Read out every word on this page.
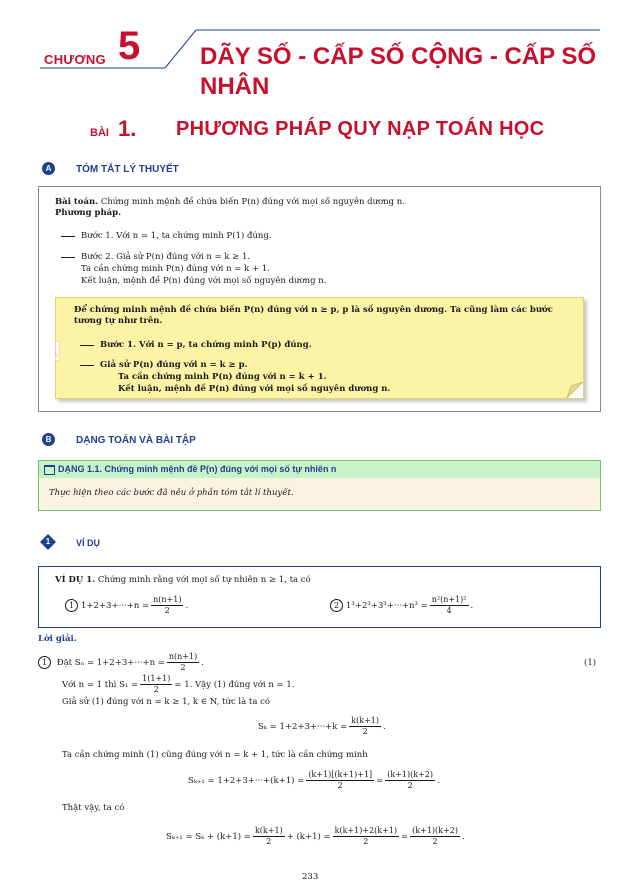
CHƯƠNG 5 DÃY SỐ - CẤP SỐ CỘNG - CẤP SỐ NHÂN
BÀI 1. PHƯƠNG PHÁP QUY NẠP TOÁN HỌC
A	TÓM TẮT LÝ THUYẾT
Bài toán. Chứng minh mệnh đề chứa biến P(n) đúng với mọi số nguyên dương n.
Phương pháp.
Bước 1. Với n = 1, ta chứng minh P(1) đúng.
Bước 2. Giả sử P(n) đúng với n = k ≥ 1.
Ta cần chứng minh P(n) đúng với n = k + 1.
Kết luận, mệnh đề P(n) đúng với mọi số nguyên dương n.
!
Để chứng minh mệnh đề chứa biến P(n) đúng với n ≥ p, p là số nguyên dương. Ta cũng làm các bước tương tự như trên.
Bước 1. Với n = p, ta chứng minh P(p) đúng.
Giả sử P(n) đúng với n = k ≥ p.
Ta cần chứng minh P(n) đúng với n = k + 1.
Kết luận, mệnh đề P(n) đúng với mọi số nguyên dương n.
B	DẠNG TOÁN VÀ BÀI TẬP
DẠNG 1.1. Chứng minh mệnh đề P(n) đúng với mọi số tự nhiên n
Thực hiện theo các bước đã nêu ở phần tóm tắt lí thuyết.
1	VÍ DỤ
VÍ DỤ 1. Chứng minh rằng với mọi số tự nhiên n ≥ 1, ta có
1 $1+2+3+\cdot\cdot\cdot+n = \frac{n(n+1)}{2}$ .	2 $1^3+2^3+3^3+\cdot\cdot\cdot+n^3 = \frac{\text{n²(n+1)²}}{4}$ .
Lời giải.
1 Đặt $S_n = 1+2+3+\cdot\cdot\cdot+n = \frac{n(n+1)}{2}$ .	(1)
Với n = 1 thì $S_1 = \frac{1(1+1)}{2} = 1$. Vậy (1) đúng với n = 1.
Giả sử (1) đúng với n = k ≥ 1, k ∈ N, tức là ta có
$S_k = 1+2+3+\cdot\cdot\cdot+k = \frac{k(k+1)}{2}$ .
Ta cần chứng minh (1) cũng đúng với n = k + 1, tức là cần chứng minh
$S_{k+1} = 1+2+3+\cdot\cdot\cdot+(k+1) = \frac{(k+1)[(k+1)+1]}{2} = \frac{(k+1)(k+2)}{2}$ .
Thật vậy, ta có
$S_{k+1} = S_k + (k+1) = \frac{k(k+1)}{2} + (k+1) = \frac{k(k+1)+2(k+1)}{2} = \frac{(k+1)(k+2)}{2}$ .
233
